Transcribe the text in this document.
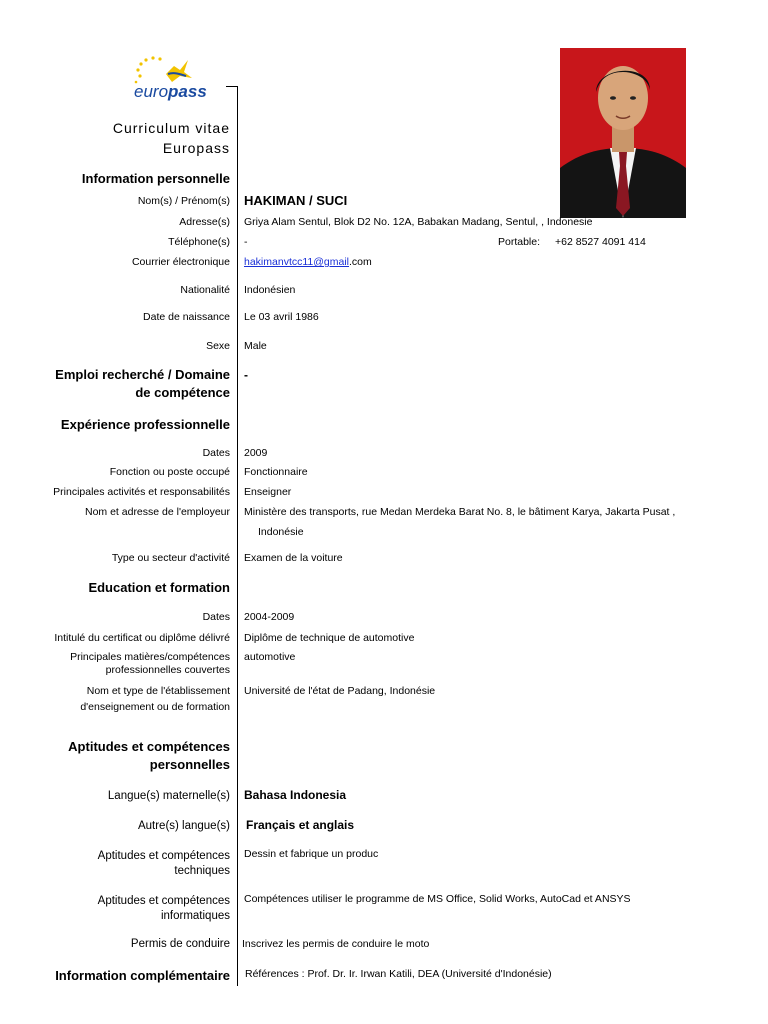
europass
Curriculum vitae
Europass
Information personnelle
Nom(s) / Prénom(s) HAKIMAN / SUCI
Adresse(s) Griya Alam Sentul, Blok D2 No. 12A, Babakan Madang, Sentul, , Indonesie
Téléphone(s) -	Portable: +62 8527 4091 414
Courrier électronique hakimanvtcc11@gmail.com
Nationalité Indonésien
Date de naissance Le 03 avril 1986
Sexe Male
Emploi recherché / Domaine
de compétence
-
Expérience professionnelle
Dates 2009
Fonction ou poste occupé Fonctionnaire
Principales activités et responsabilités Enseigner
Nom et adresse de l'employeur Ministère des transports, rue Medan Merdeka Barat No. 8, le bâtiment Karya, Jakarta Pusat ,
Indonésie
Type ou secteur d'activité Examen de la voiture
Education et formation
Dates 2004-2009
Intitulé du certificat ou diplôme délivré Diplôme de technique de automotive
Principales matières/compétences
professionnelles couvertes
automotive
Nom et type de l'établissement
d'enseignement ou de formation
Université de l'état de Padang, Indonésie
Aptitudes et compétences
personnelles
Langue(s) maternelle(s) Bahasa Indonesia
Autre(s) langue(s) Français et anglais
Aptitudes et compétences
techniques
Dessin et fabrique un produc
Aptitudes et compétences
informatiques
Compétences utiliser le programme de MS Office, Solid Works, AutoCad et ANSYS
Permis de conduire Inscrivez les permis de conduire le moto
Information complémentaire Références : Prof. Dr. Ir. Irwan Katili, DEA (Université d'Indonésie)
